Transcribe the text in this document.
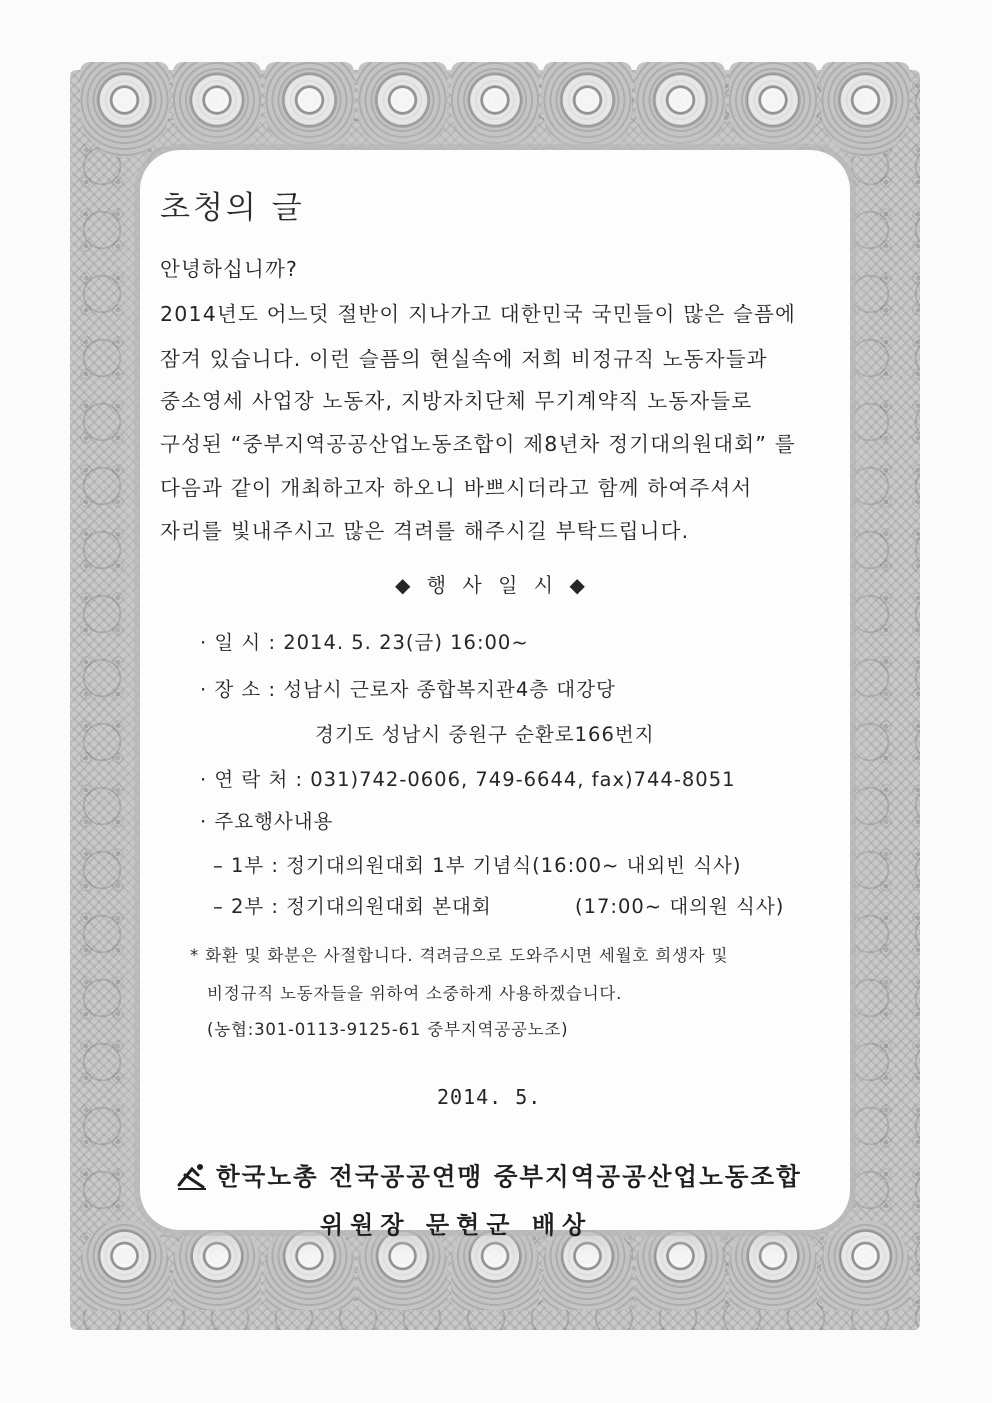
초청의 글
안녕하십니까?
2014년도 어느덧 절반이 지나가고 대한민국 국민들이 많은 슬픔에
잠겨 있습니다. 이런 슬픔의 현실속에 저희 비정규직 노동자들과
중소영세 사업장 노동자, 지방자치단체 무기계약직 노동자들로
구성된 “중부지역공공산업노동조합이 제8년차 정기대의원대회” 를
다음과 같이 개최하고자 하오니 바쁘시더라고 함께 하여주셔서
자리를 빛내주시고 많은 격려를 해주시길 부탁드립니다.
◆ 행 사 일 시 ◆
· 일 시 : 2014. 5. 23(금) 16:00~
· 장 소 : 성남시 근로자 종합복지관4층 대강당
경기도 성남시 중원구 순환로166번지
· 연 락 처 : 031)742-0606, 749-6644, fax)744-8051
· 주요행사내용
– 1부 : 정기대의원대회 1부 기념식(16:00~ 내외빈 식사)
– 2부 : 정기대의원대회 본대회	(17:00~ 대의원 식사)
* 화환 및 화분은 사절합니다. 격려금으로 도와주시면 세월호 희생자 및
비정규직 노동자들을 위하여 소중하게 사용하겠습니다.
(농협:301-0113-9125-61 중부지역공공노조)
2014. 5.
한국노총 전국공공연맹 중부지역공공산업노동조합
위원장 문현군 배상
